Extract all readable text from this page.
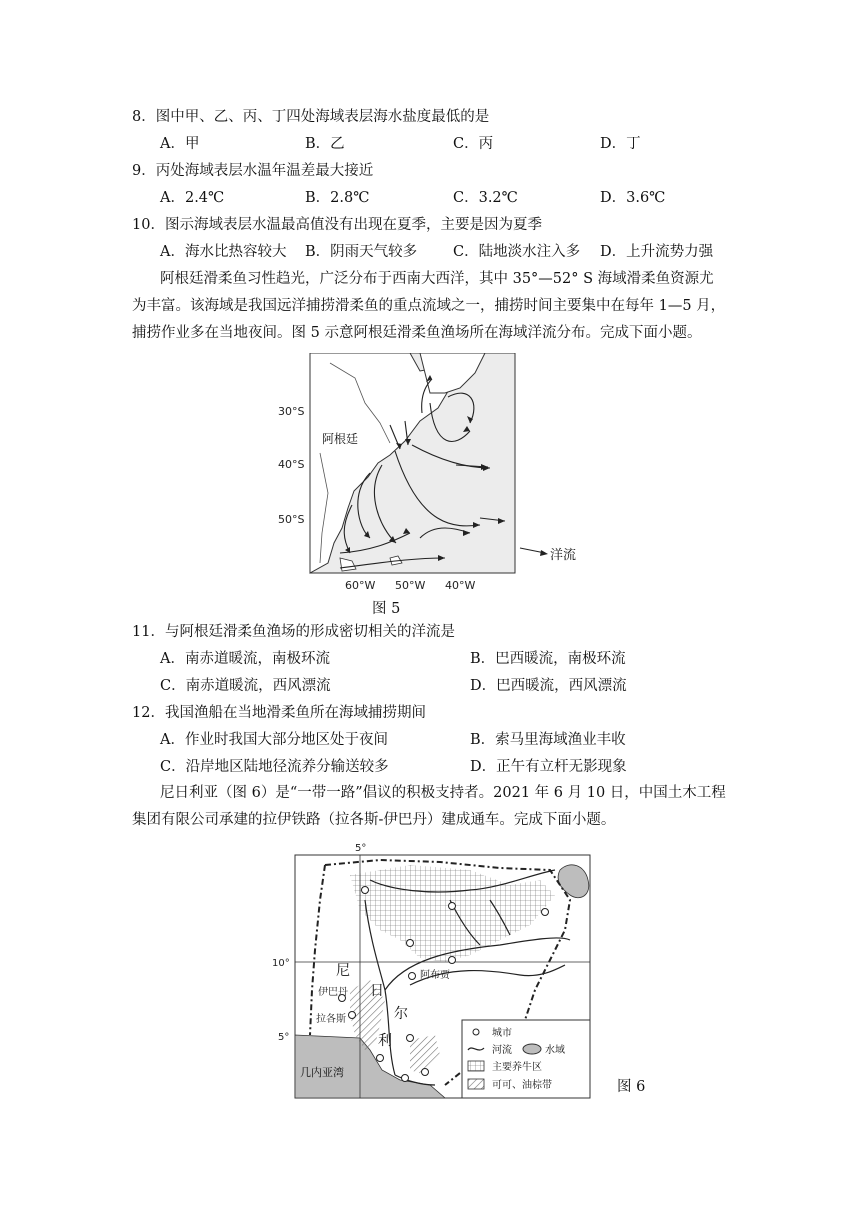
8．图中甲、乙、丙、丁四处海域表层海水盐度最低的是
A．甲	B．乙	C．丙	D．丁
9．丙处海域表层水温年温差最大接近
A．2.4℃	B．2.8℃	C．3.2℃	D．3.6℃
10．图示海域表层水温最高值没有出现在夏季，主要是因为夏季
A．海水比热容较大 B．阴雨天气较多 C．陆地淡水注入多 D．上升流势力强
阿根廷滑柔鱼习性趋光，广泛分布于西南大西洋，其中 35°—52° S 海域滑柔鱼资源尤为丰富。该海域是我国远洋捕捞滑柔鱼的重点流域之一，捕捞时间主要集中在每年 1—5 月，捕捞作业多在当地夜间。图 5 示意阿根廷滑柔鱼渔场所在海域洋流分布。完成下面小题。
30°S
40°S
50°S
阿根廷
60°W 50°W 40°W
洋流
图 5
11．与阿根廷滑柔鱼渔场的形成密切相关的洋流是
A．南赤道暖流，南极环流	B．巴西暖流，南极环流
C．南赤道暖流，西风漂流	D．巴西暖流，西风漂流
12．我国渔船在当地滑柔鱼所在海域捕捞期间
A．作业时我国大部分地区处于夜间	B．索马里海域渔业丰收
C．沿岸地区陆地径流养分输送较多	D．正午有立杆无影现象
尼日利亚（图 6）是“一带一路”倡议的积极支持者。2021 年 6 月 10 日，中国土木工程集团有限公司承建的拉伊铁路（拉各斯-伊巴丹）建成通车。完成下面小题。
5°
10°
5°
尼
日
尔
利
伊巴丹
拉各斯
阿布贾
几内亚湾
城市
河流	水域
主要养牛区
可可、油棕带	图 6
